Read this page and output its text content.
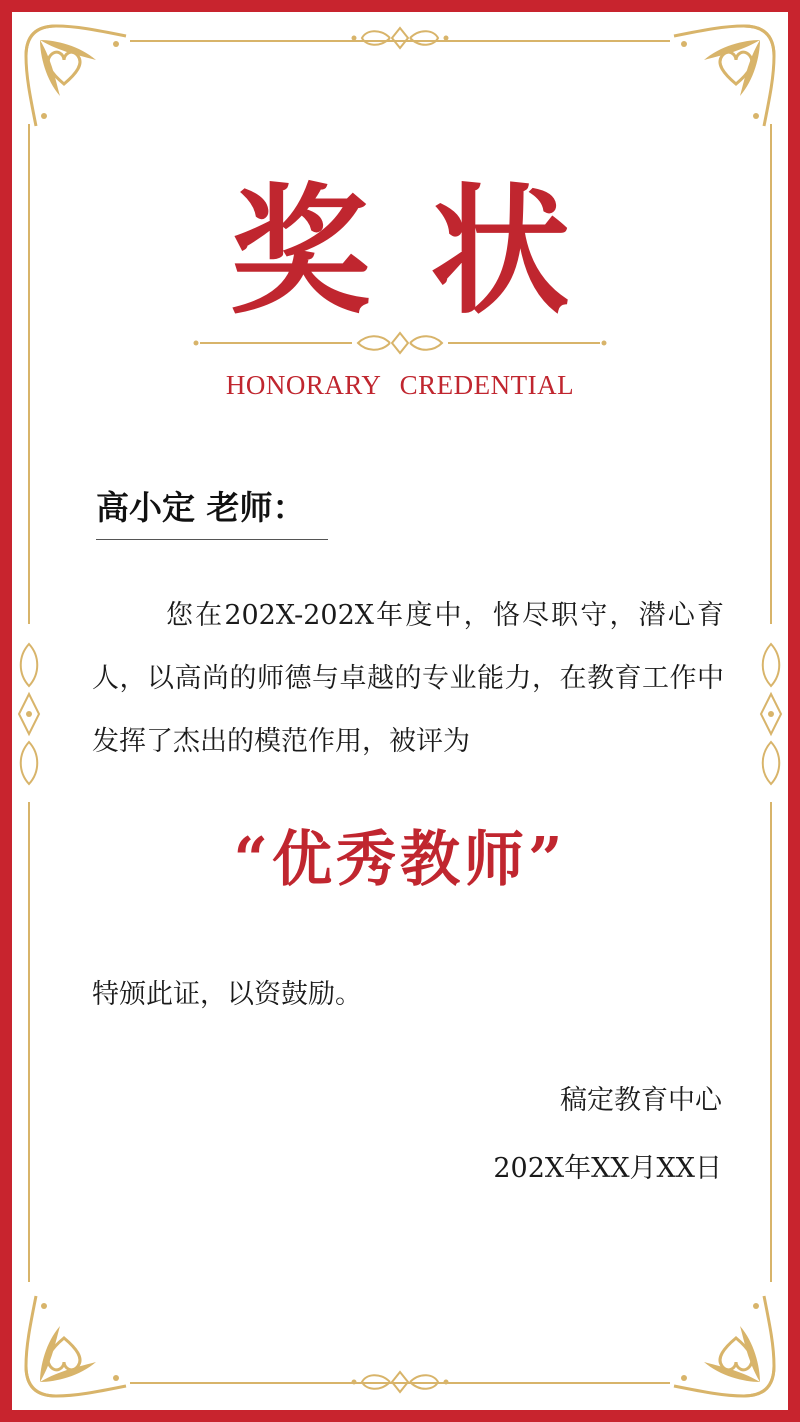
奖状
HONORARY CREDENTIAL
高小定 老师：
您在202X-202X年度中，恪尽职守，潜心育人，以高尚的师德与卓越的专业能力，在教育工作中发挥了杰出的模范作用，被评为
“优秀教师”
特颁此证，以资鼓励。
稿定教育中心
202X年XX月XX日
